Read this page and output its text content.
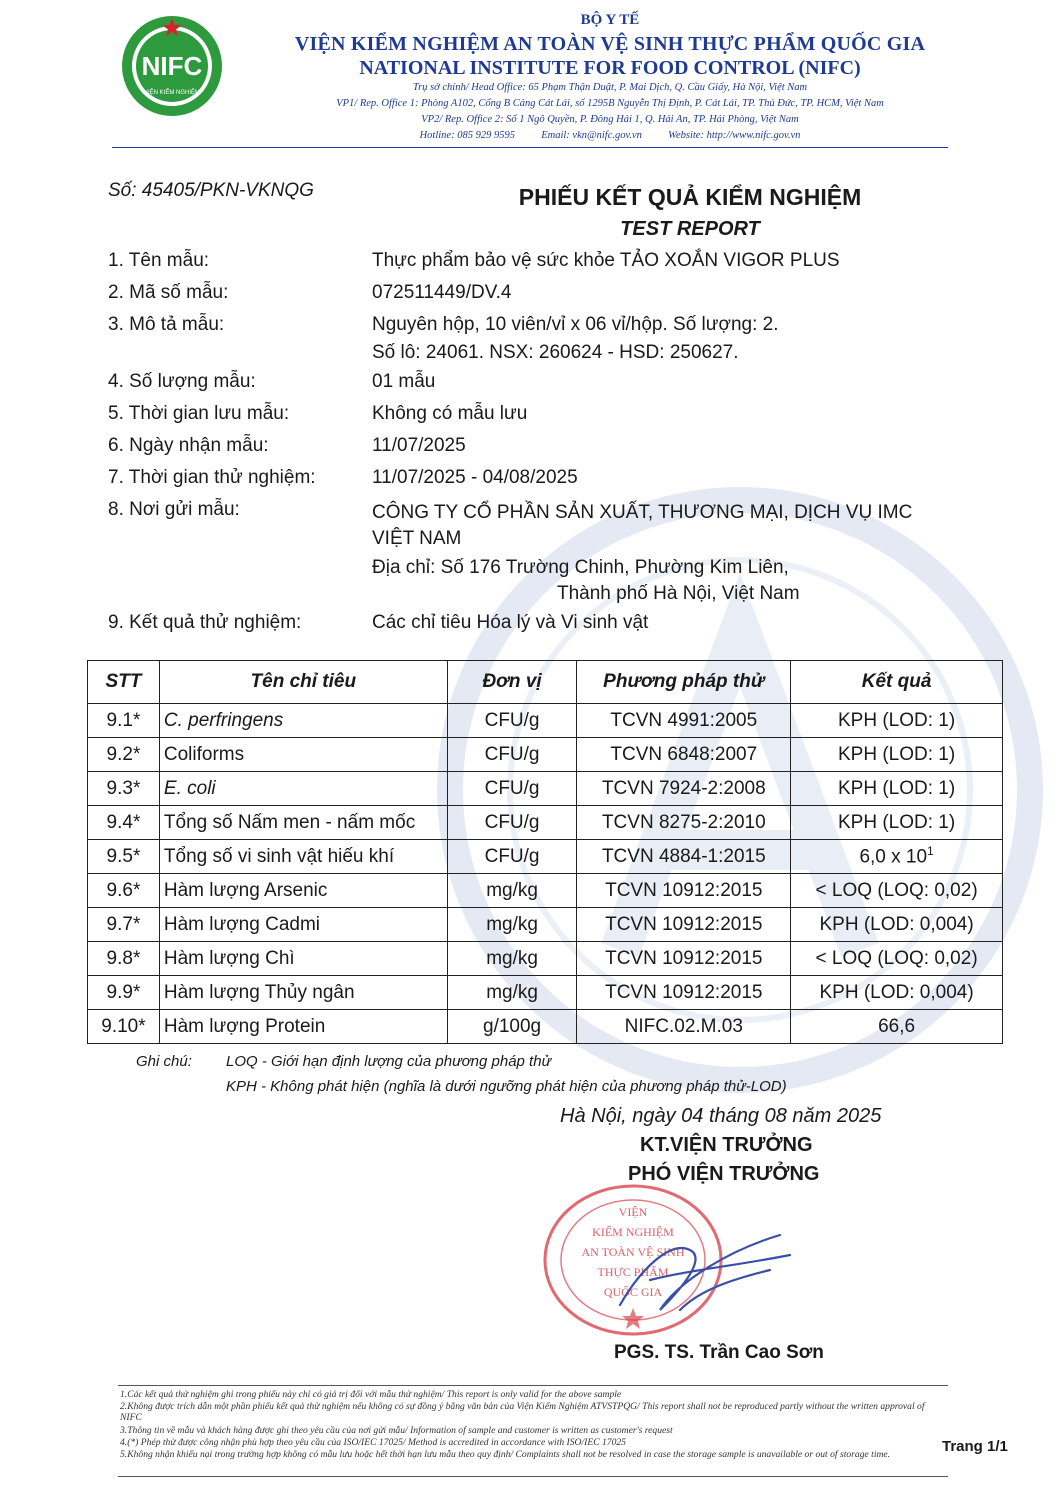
NIFC
VIỆN KIỂM NGHIỆM
BỘ Y TẾ
VIỆN KIỂM NGHIỆM AN TOÀN VỆ SINH THỰC PHẨM QUỐC GIA
NATIONAL INSTITUTE FOR FOOD CONTROL (NIFC)
Trụ sở chính/ Head Office: 65 Phạm Thận Duật, P. Mai Dịch, Q. Cầu Giấy, Hà Nội, Việt Nam
VP1/ Rep. Office 1: Phòng A102, Cổng B Cảng Cát Lái, số 1295B Nguyễn Thị Định, P. Cát Lái, TP. Thủ Đức, TP. HCM, Việt Nam
VP2/ Rep. Office 2: Số 1 Ngô Quyền, P. Đông Hải 1, Q. Hải An, TP. Hải Phòng, Việt Nam
Hotline: 085 929 9595          Email: vkn@nifc.gov.vn          Website: http://www.nifc.gov.vn
Số: 45405/PKN-VKNQG	PHIẾU KẾT QUẢ KIỂM NGHIỆM
TEST REPORT
1. Tên mẫu:	Thực phẩm bảo vệ sức khỏe TẢO XOẮN VIGOR PLUS
2. Mã số mẫu:	072511449/DV.4
3. Mô tả mẫu:	Nguyên hộp, 10 viên/vỉ x 06 vỉ/hộp. Số lượng: 2.
Số lô: 24061. NSX: 260624 - HSD: 250627.
4. Số lượng mẫu:	01 mẫu
5. Thời gian lưu mẫu:	Không có mẫu lưu
6. Ngày nhận mẫu:	11/07/2025
7. Thời gian thử nghiệm:	11/07/2025 - 04/08/2025
8. Nơi gửi mẫu:	CÔNG TY CỔ PHẦN SẢN XUẤT, THƯƠNG MẠI, DỊCH VỤ IMC
VIỆT NAM
Địa chỉ: Số 176 Trường Chinh, Phường Kim Liên,
Thành phố Hà Nội, Việt Nam
9. Kết quả thử nghiệm:	Các chỉ tiêu Hóa lý và Vi sinh vật
STT	Tên chỉ tiêu	Đơn vị	Phương pháp thử	Kết quả
9.1*	C. perfringens	CFU/g	TCVN 4991:2005	KPH (LOD: 1)
9.2*	Coliforms	CFU/g	TCVN 6848:2007	KPH (LOD: 1)
9.3*	E. coli	CFU/g	TCVN 7924-2:2008	KPH (LOD: 1)
9.4*	Tổng số Nấm men - nấm mốc	CFU/g	TCVN 8275-2:2010	KPH (LOD: 1)
9.5*	Tổng số vi sinh vật hiếu khí	CFU/g	TCVN 4884-1:2015	6,0 x $10^1$
9.6*	Hàm lượng Arsenic	mg/kg	TCVN 10912:2015	< LOQ (LOQ: 0,02)
9.7*	Hàm lượng Cadmi	mg/kg	TCVN 10912:2015	KPH (LOD: 0,004)
9.8*	Hàm lượng Chì	mg/kg	TCVN 10912:2015	< LOQ (LOQ: 0,02)
9.9*	Hàm lượng Thủy ngân	mg/kg	TCVN 10912:2015	KPH (LOD: 0,004)
9.10*	Hàm lượng Protein	g/100g	NIFC.02.M.03	66,6
Ghi chú: LOQ - Giới hạn định lượng của phương pháp thử
KPH - Không phát hiện (nghĩa là dưới ngưỡng phát hiện của phương pháp thử-LOD)
Hà Nội, ngày 04 tháng 08 năm 2025
KT.VIỆN TRƯỞNG
PHÓ VIỆN TRƯỞNG
VIỆN
KIỂM NGHIỆM
AN TOÀN VỆ SINH
THỰC PHẨM
QUỐC GIA
PGS. TS. Trần Cao Sơn
1.Các kết quả thử nghiệm ghi trong phiếu này chỉ có giá trị đối với mẫu thử nghiệm/ This report is only valid for the above sample
2.Không được trích dẫn một phần phiếu kết quả thử nghiệm nếu không có sự đồng ý bằng văn bản của Viện Kiểm Nghiệm ATVSTPQG/ This report shall not be reproduced partly without the written approval of NIFC
3.Thông tin về mẫu và khách hàng được ghi theo yêu cầu của nơi gửi mẫu/ Information of sample and customer is written as customer's request
4.(*) Phép thử được công nhận phù hợp theo yêu cầu của ISO/IEC 17025/ Method is accredited in accordance with ISO/IEC 17025
5.Không nhận khiếu nại trong trường hợp không có mẫu lưu hoặc hết thời hạn lưu mẫu theo quy định/ Complaints shall not be resolved in case the storage sample is unavailable or out of storage time.	Trang 1/1
